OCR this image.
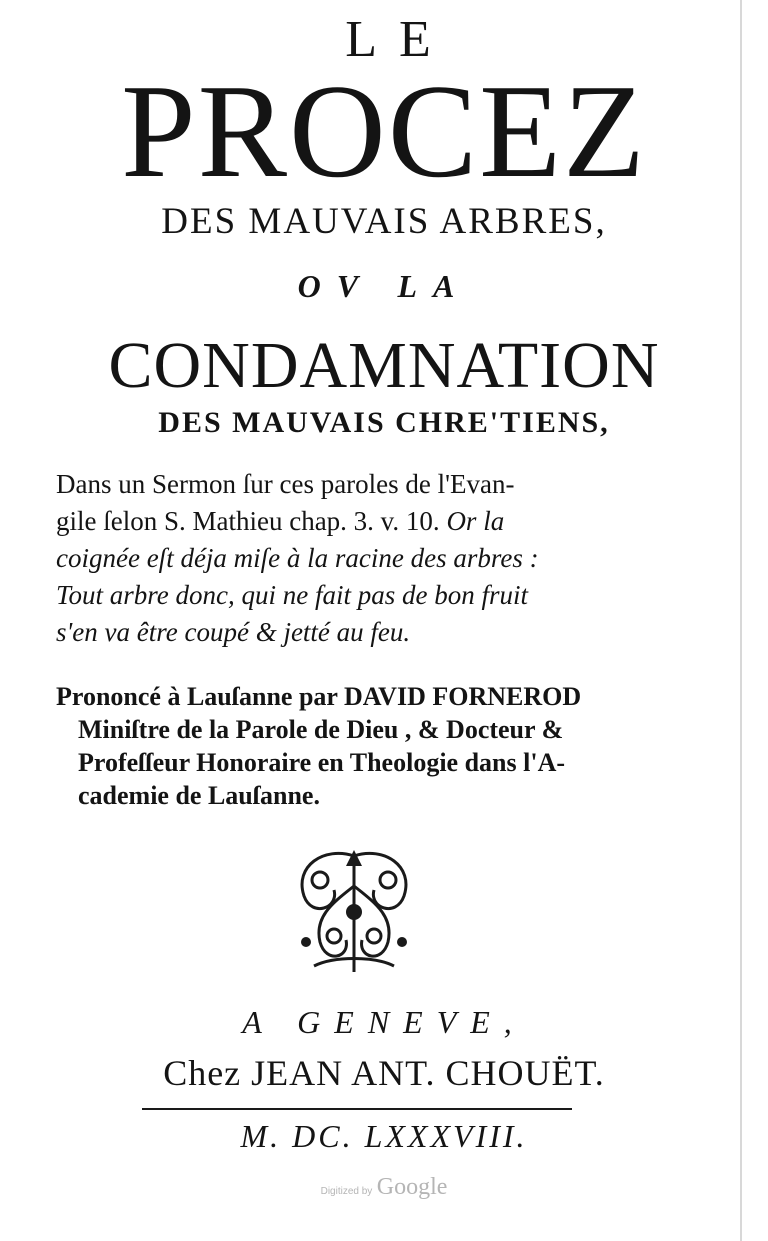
LE
PROCEZ
DES MAUVAIS ARBRES,
OV LA
CONDAMNATION
DES MAUVAIS CHRE'TIENS,
Dans un Sermon ſur ces paroles de l'Evan-
gile ſelon S. Mathieu chap. 3. v. 10. Or la
coignée eſt déja miſe à la racine des arbres :
Tout arbre donc, qui ne fait pas de bon fruit
s'en va être coupé & jetté au feu.
Prononcé à Lauſanne par DAVID FORNEROD
Miniſtre de la Parole de Dieu , & Docteur &
Profeſſeur Honoraire en Theologie dans l'A-
cademie de Lauſanne.
A GENEVE,
Chez JEAN ANT. CHOUËT.
M. DC. LXXXVIII.
Digitized by Google
